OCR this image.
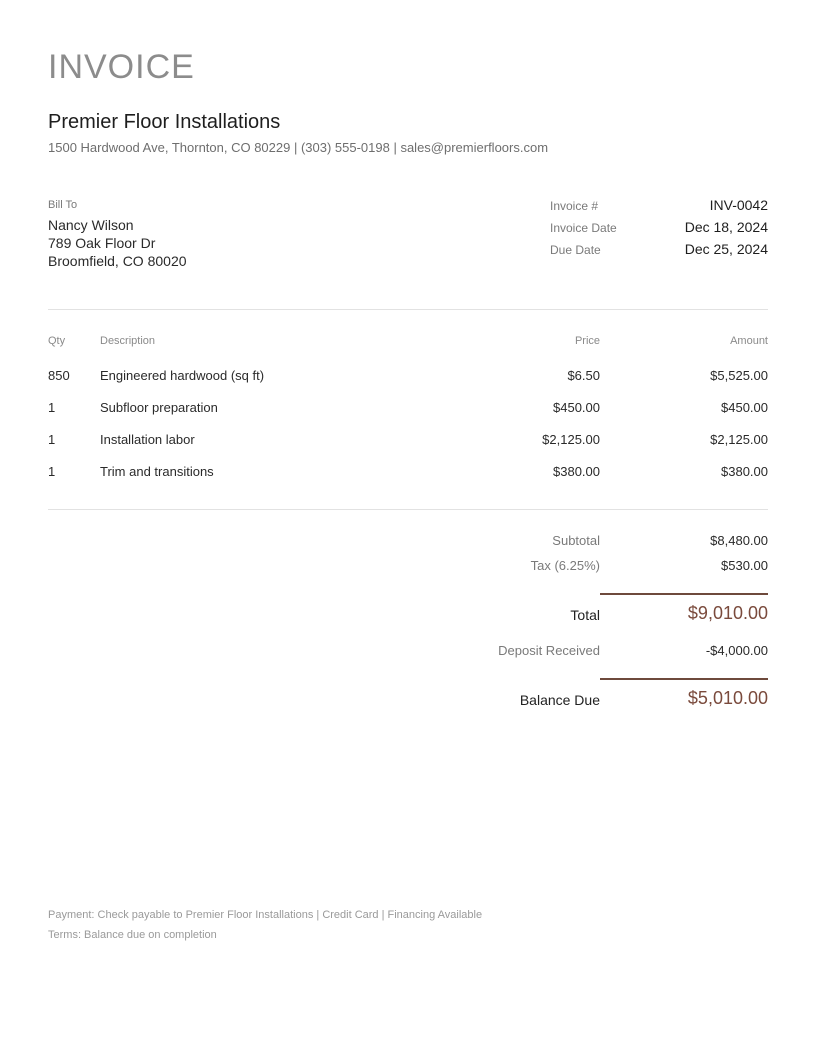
INVOICE
Premier Floor Installations
1500 Hardwood Ave, Thornton, CO 80229 | (303) 555-0198 | sales@premierfloors.com
Bill To
Nancy Wilson
789 Oak Floor Dr
Broomfield, CO 80020
Invoice #	INV-0042
Invoice Date	Dec 18, 2024
Due Date	Dec 25, 2024
Qty	Description	Price	Amount
850 Engineered hardwood (sq ft)	$6.50	$5,525.00
1	Subfloor preparation	$450.00	$450.00
1	Installation labor	$2,125.00	$2,125.00
1	Trim and transitions	$380.00	$380.00
Subtotal	$8,480.00
Tax (6.25%)	$530.00
Total	$9,010.00
Deposit Received	-$4,000.00
Balance Due	$5,010.00
Payment: Check payable to Premier Floor Installations | Credit Card | Financing Available
Terms: Balance due on completion
